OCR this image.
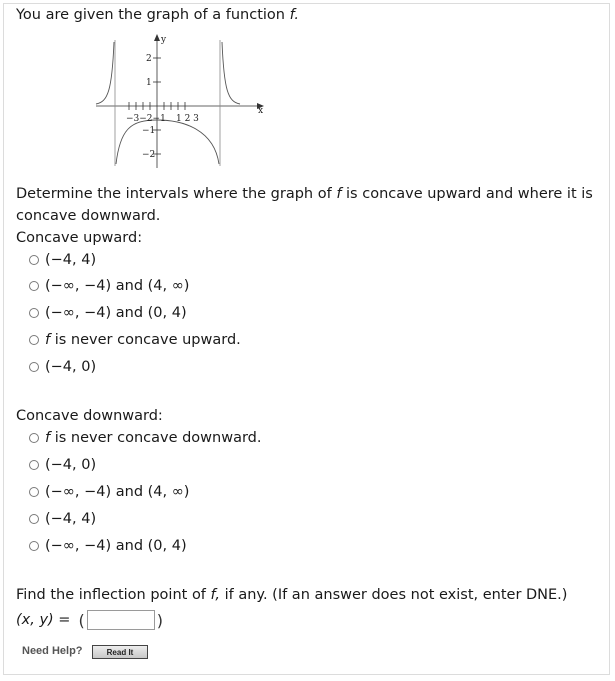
You are given the graph of a function f.
y
x
−3−2−1 1 2 3
2
1
−1
−2
Determine the intervals where the graph of f is concave upward and where it is
concave downward.
Concave upward:
(−4, 4)
(−∞, −4) and (4, ∞)
(−∞, −4) and (0, 4)
f is never concave upward.
(−4, 0)
Concave downward:
f is never concave downward.
(−4, 0)
(−∞, −4) and (4, ∞)
(−4, 4)
(−∞, −4) and (0, 4)
Find the inflection point of f, if any. (If an answer does not exist, enter DNE.)
(x, y) = (	)
Need Help?	Read It
